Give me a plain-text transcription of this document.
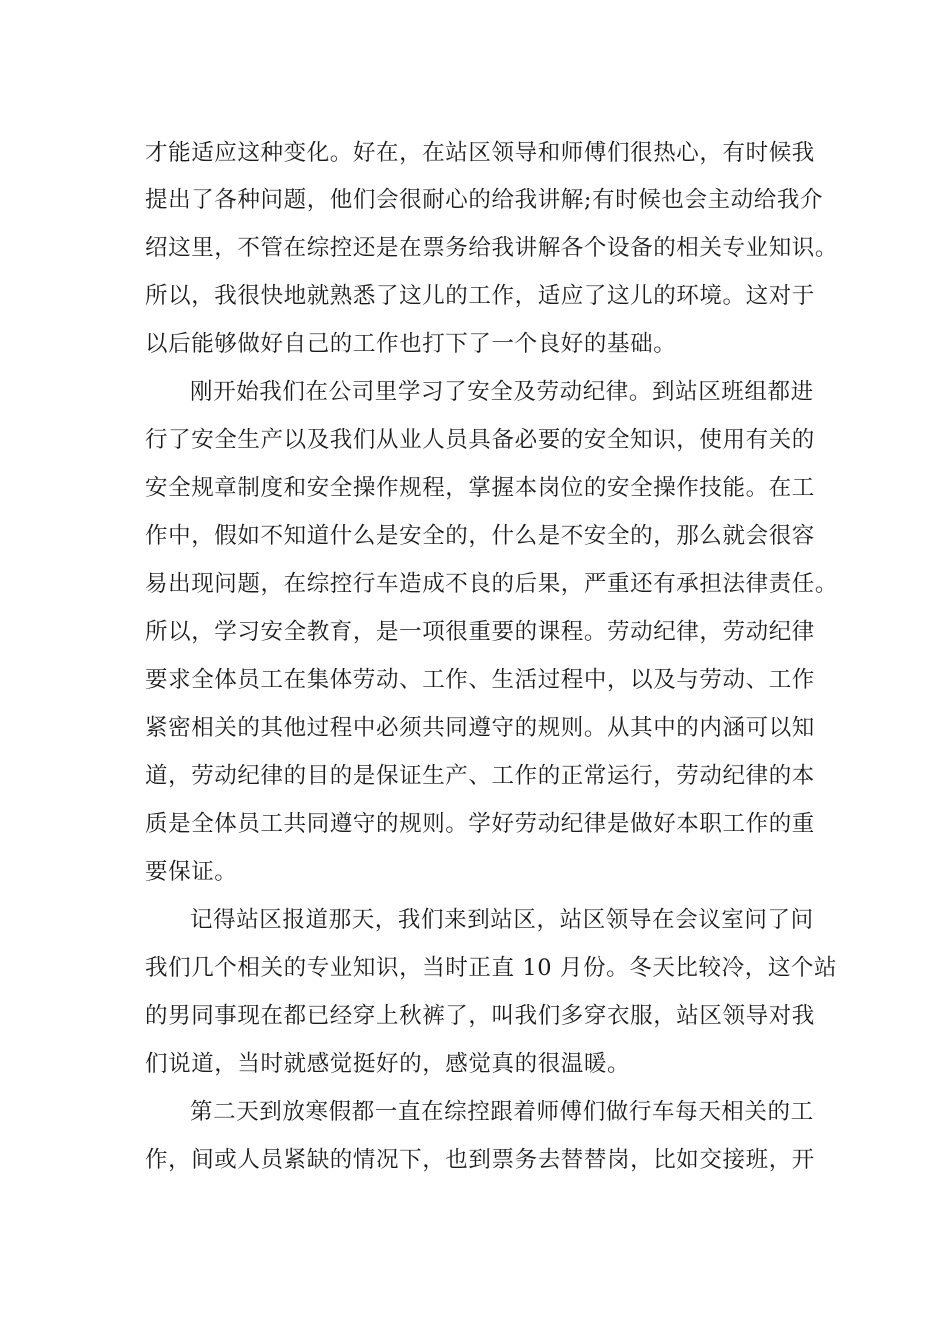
才能适应这种变化。好在，在站区领导和师傅们很热心，有时候我
提出了各种问题，他们会很耐心的给我讲解;有时候也会主动给我介
绍这里，不管在综控还是在票务给我讲解各个设备的相关专业知识。
所以，我很快地就熟悉了这儿的工作，适应了这儿的环境。这对于
以后能够做好自己的工作也打下了一个良好的基础。
刚开始我们在公司里学习了安全及劳动纪律。到站区班组都进
行了安全生产以及我们从业人员具备必要的安全知识，使用有关的
安全规章制度和安全操作规程，掌握本岗位的安全操作技能。在工
作中，假如不知道什么是安全的，什么是不安全的，那么就会很容
易出现问题，在综控行车造成不良的后果，严重还有承担法律责任。
所以，学习安全教育，是一项很重要的课程。劳动纪律，劳动纪律
要求全体员工在集体劳动、工作、生活过程中，以及与劳动、工作
紧密相关的其他过程中必须共同遵守的规则。从其中的内涵可以知
道，劳动纪律的目的是保证生产、工作的正常运行，劳动纪律的本
质是全体员工共同遵守的规则。学好劳动纪律是做好本职工作的重
要保证。
记得站区报道那天，我们来到站区，站区领导在会议室问了问
我们几个相关的专业知识，当时正直 10 月份。冬天比较冷，这个站
的男同事现在都已经穿上秋裤了，叫我们多穿衣服，站区领导对我
们说道，当时就感觉挺好的，感觉真的很温暖。
第二天到放寒假都一直在综控跟着师傅们做行车每天相关的工
作，间或人员紧缺的情况下，也到票务去替替岗，比如交接班，开
